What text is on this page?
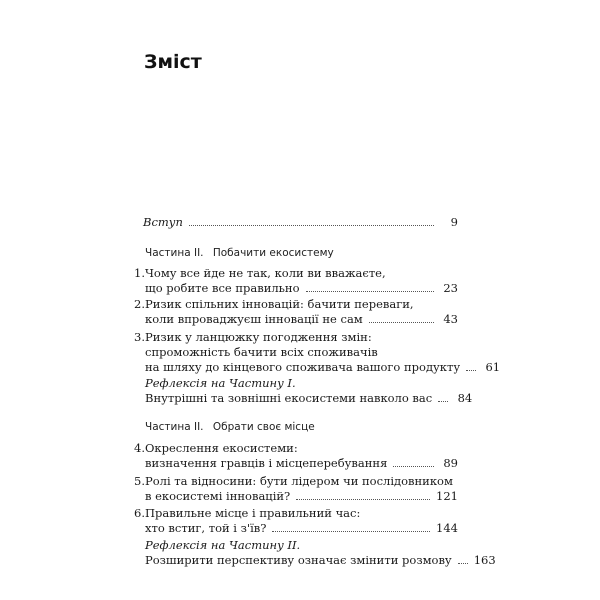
Зміст
Вступ	9
Частина ІІ. Побачити екосистему
1. Чому все йде не так, коли ви вважаєте,
що робите все правильно	23
2. Ризик спільних інновацій: бачити переваги,
коли впроваджуєш інновації не сам	43
3. Ризик у ланцюжку погодження змін:
спроможність бачити всіх споживачів
на шляху до кінцевого споживача вашого продукту 61
Рефлексія на Частину І.
Внутрішні та зовнішні екосистеми навколо вас 84
Частина ІІ. Обрати своє місце
4. Окреслення екосистеми:
визначення гравців і місцеперебування	89
5. Ролі та відносини: бути лідером чи послідовником
в екосистемі інновацій?	121
6. Правильне місце і правильний час:
хто встиг, той і з'їв?	144
Рефлексія на Частину ІІ.
Розширити перспективу означає змінити розмову 163
